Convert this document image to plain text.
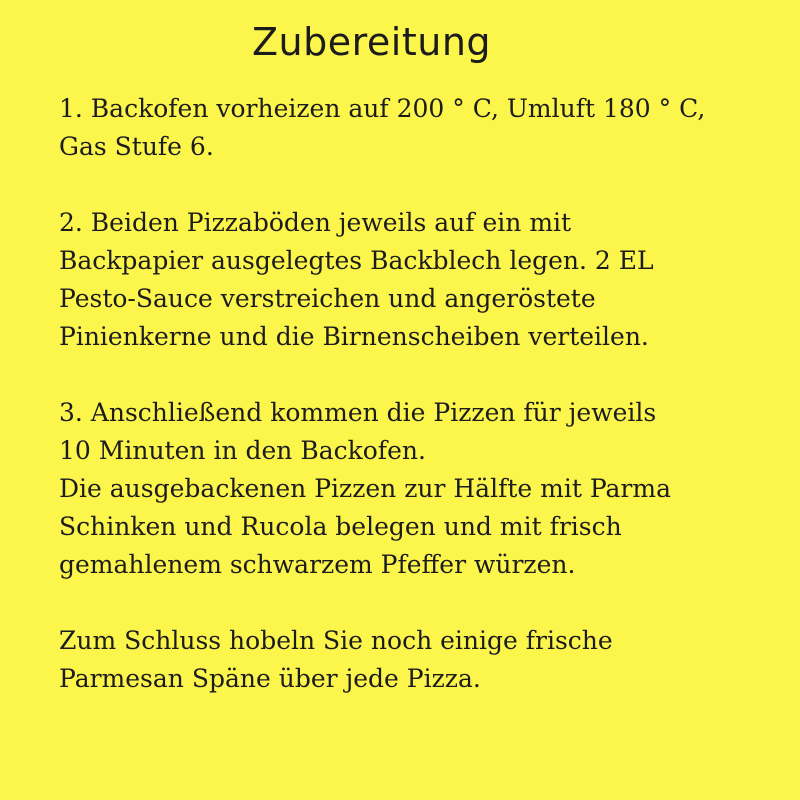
Zubereitung

1. Backofen vorheizen auf 200 ° C, Umluft 180 ° C,
Gas Stufe 6.

2. Beiden Pizzaböden jeweils auf ein mit
Backpapier ausgelegtes Backblech legen. 2 EL
Pesto-Sauce verstreichen und angeröstete
Pinienkerne und die Birnenscheiben verteilen.

3. Anschließend kommen die Pizzen für jeweils
10 Minuten in den Backofen.
Die ausgebackenen Pizzen zur Hälfte mit Parma
Schinken und Rucola belegen und mit frisch
gemahlenem schwarzem Pfeffer würzen.

Zum Schluss hobeln Sie noch einige frische
Parmesan Späne über jede Pizza.
